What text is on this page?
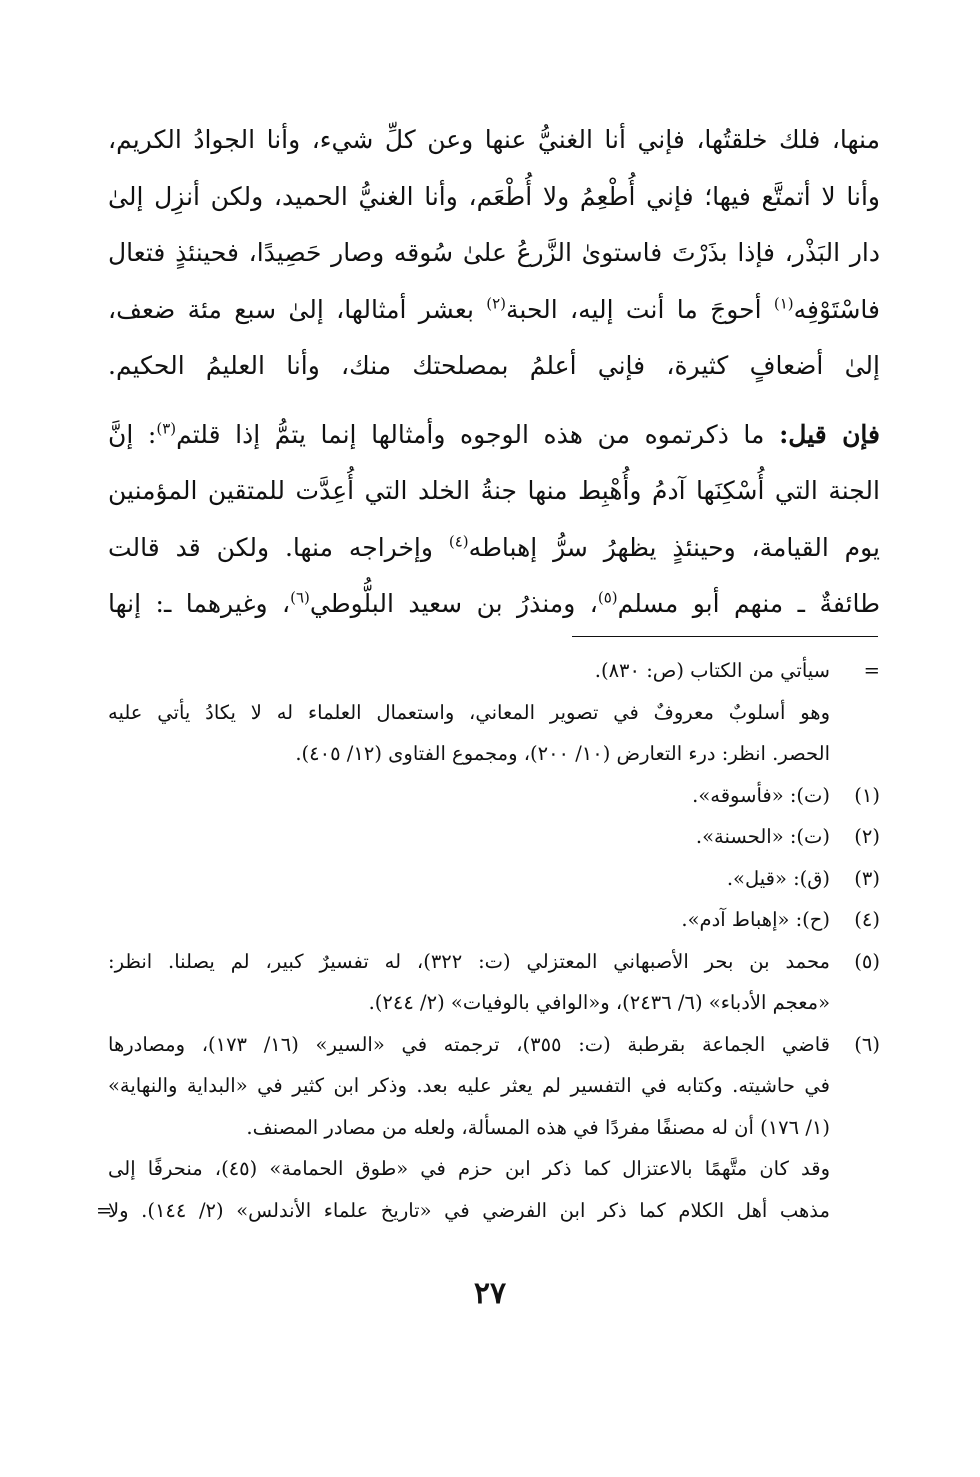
منها، فلك خلقتُها، فإني أنا الغنيُّ عنها وعن كلِّ شيء، وأنا الجوادُ الكريم،
وأنا لا أتمتَّع فيها؛ فإني أُطْعِمُ ولا أُطْعَم، وأنا الغنيُّ الحميد، ولكن أنزِل إلىٰ
دار البَذْر، فإذا بذَرْتَ فاستوىٰ الزَّرعُ علىٰ سُوقه وصار حَصِيدًا، فحينئذٍ فتعال
فاسْتَوْفِه$^{(١)}$ أحوجَ ما أنت إليه، الحبة$^{(٢)}$ بعشر أمثالها، إلىٰ سبع مئة ضعف،
إلىٰ أضعافٍ كثيرة، فإني أعلمُ بمصلحتك منك، وأنا العليمُ الحكيم.

فإن قيل: ما ذكرتموه من هذه الوجوه وأمثالها إنما يتمُّ إذا قلتم$^{(٣)}$: إنَّ
الجنة التي أُسْكِنَها آدمُ وأُهْبِط منها جنةُ الخلد التي أُعِدَّت للمتقين المؤمنين
يوم القيامة، وحينئذٍ يظهرُ سرُّ إهباطه$^{(٤)}$ وإخراجه منها. ولكن قد قالت
طائفةٌ ـ منهم أبو مسلم$^{(٥)}$، ومنذرُ بن سعيد البلُّوطي$^{(٦)}$، وغيرهما ـ: إنها

=

سيأتي من الكتاب (ص: ٨٣٠).

وهو أسلوبٌ معروفٌ في تصوير المعاني، واستعمال العلماء له لا يكادُ يأتي عليه

الحصر. انظر: درء التعارض (١٠/ ٢٠٠)، ومجموع الفتاوى (١٢/ ٤٠٥).

(١)

(ت): «فأسوقه».

(٢)

(ت): «الحسنة».

(٣)

(ق): «قيل».

(٤)

(ح): «إهباط آدم».

(٥)

محمد بن بحر الأصبهاني المعتزلي (ت: ٣٢٢)، له تفسيرٌ كبير، لم يصلنا. انظر:

«معجم الأدباء» (٦/ ٢٤٣٦)، و«الوافي بالوفيات» (٢/ ٢٤٤).

(٦)

قاضي الجماعة بقرطبة (ت: ٣٥٥)، ترجمته في «السير» (١٦/ ١٧٣)، ومصادرها

في حاشيته. وكتابه في التفسير لم يعثر عليه بعد. وذكر ابن كثير في «البداية والنهاية»

(١/ ١٧٦) أن له مصنفًا مفردًا في هذه المسألة، ولعله من مصادر المصنف.

وقد كان متَّهمًا بالاعتزال كما ذكر ابن حزم في «طوق الحمامة» (٤٥)، منحرفًا إلى

مذهب أهل الكلام كما ذكر ابن الفرضي في «تاريخ علماء الأندلس» (٢/ ١٤٤). ولا
=

٢٧
